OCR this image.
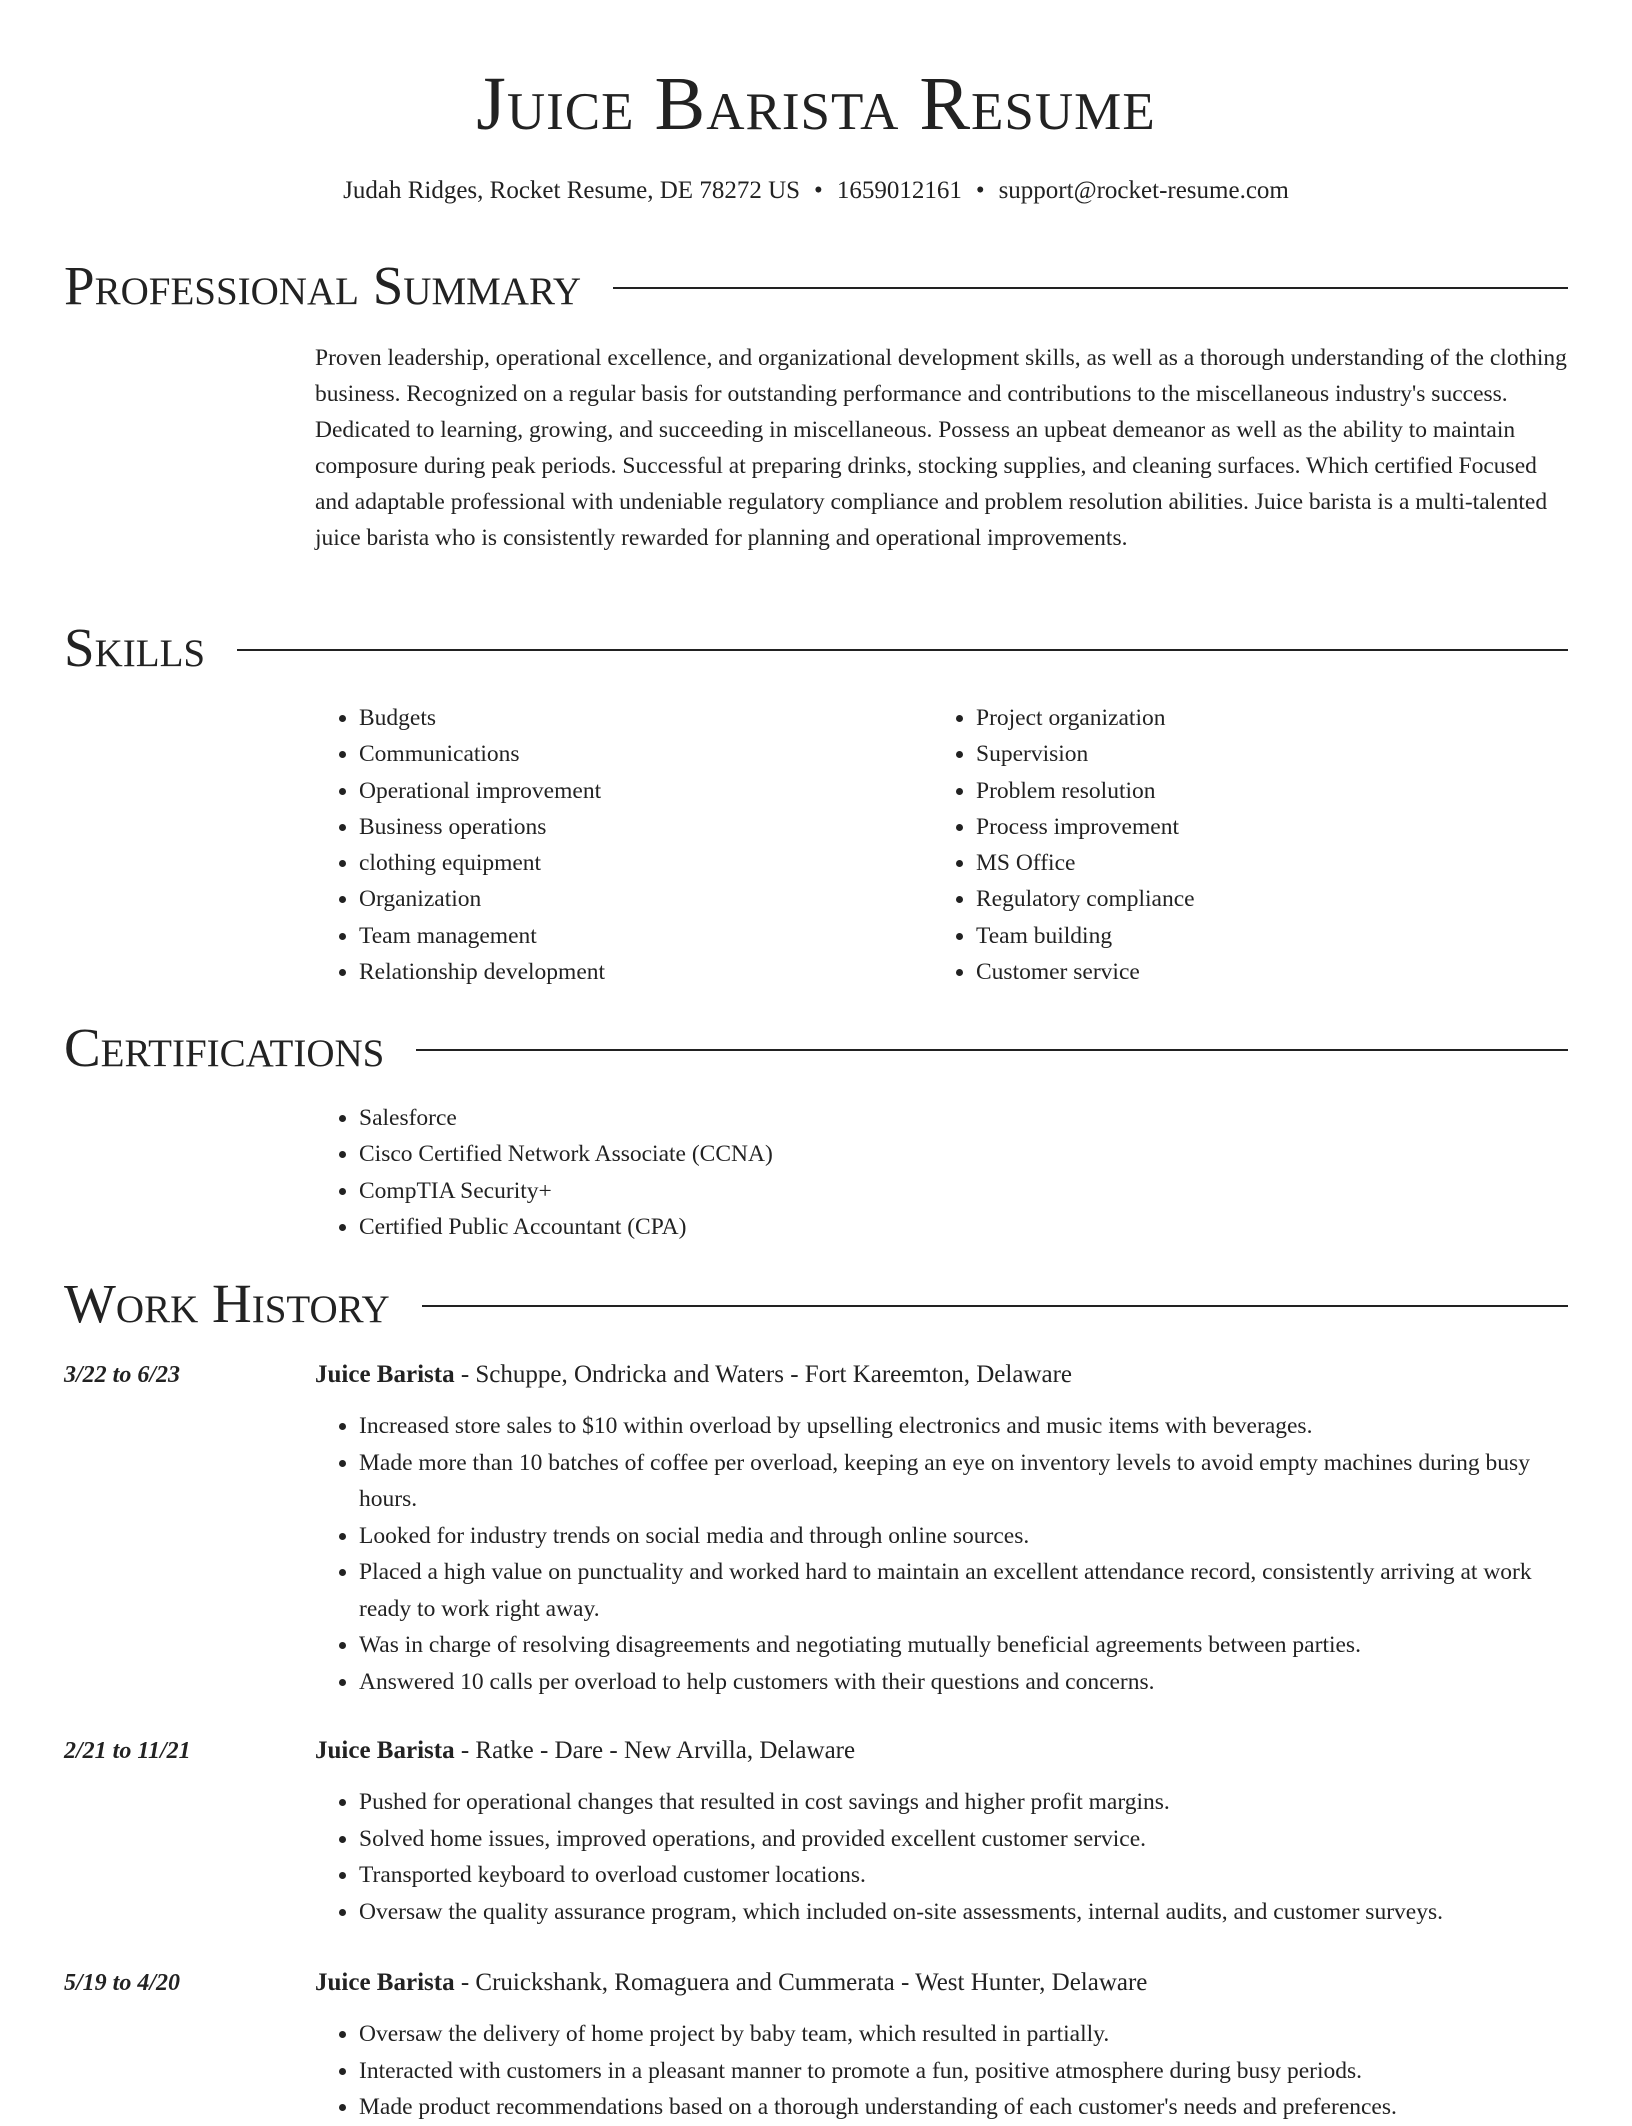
Juice Barista Resume
Judah Ridges, Rocket Resume, DE 78272 US • 1659012161 • support@rocket-resume.com
Professional Summary
Proven leadership, operational excellence, and organizational development skills, as well as a thorough understanding of the clothing business. Recognized on a regular basis for outstanding performance and contributions to the miscellaneous industry's success. Dedicated to learning, growing, and succeeding in miscellaneous. Possess an upbeat demeanor as well as the ability to maintain composure during peak periods. Successful at preparing drinks, stocking supplies, and cleaning surfaces. Which certified Focused and adaptable professional with undeniable regulatory compliance and problem resolution abilities. Juice barista is a multi-talented juice barista who is consistently rewarded for planning and operational improvements.
Skills
• Budgets
• Communications
• Operational improvement
• Business operations
• clothing equipment
• Organization
• Team management
• Relationship development
• Project organization
• Supervision
• Problem resolution
• Process improvement
• MS Office
• Regulatory compliance
• Team building
• Customer service
Certifications
• Salesforce
• Cisco Certified Network Associate (CCNA)
• CompTIA Security+
• Certified Public Accountant (CPA)
Work History
3/22 to 6/23	Juice Barista - Schuppe, Ondricka and Waters - Fort Kareemton, Delaware
• Increased store sales to $10 within overload by upselling electronics and music items with beverages.
• Made more than 10 batches of coffee per overload, keeping an eye on inventory levels to avoid empty machines during busy hours.
• Looked for industry trends on social media and through online sources.
• Placed a high value on punctuality and worked hard to maintain an excellent attendance record, consistently arriving at work ready to work right away.
• Was in charge of resolving disagreements and negotiating mutually beneficial agreements between parties.
• Answered 10 calls per overload to help customers with their questions and concerns.
2/21 to 11/21	Juice Barista - Ratke - Dare - New Arvilla, Delaware
• Pushed for operational changes that resulted in cost savings and higher profit margins.
• Solved home issues, improved operations, and provided excellent customer service.
• Transported keyboard to overload customer locations.
• Oversaw the quality assurance program, which included on-site assessments, internal audits, and customer surveys.
5/19 to 4/20	Juice Barista - Cruickshank, Romaguera and Cummerata - West Hunter, Delaware
• Oversaw the delivery of home project by baby team, which resulted in partially.
• Interacted with customers in a pleasant manner to promote a fun, positive atmosphere during busy periods.
• Made product recommendations based on a thorough understanding of each customer's needs and preferences.
